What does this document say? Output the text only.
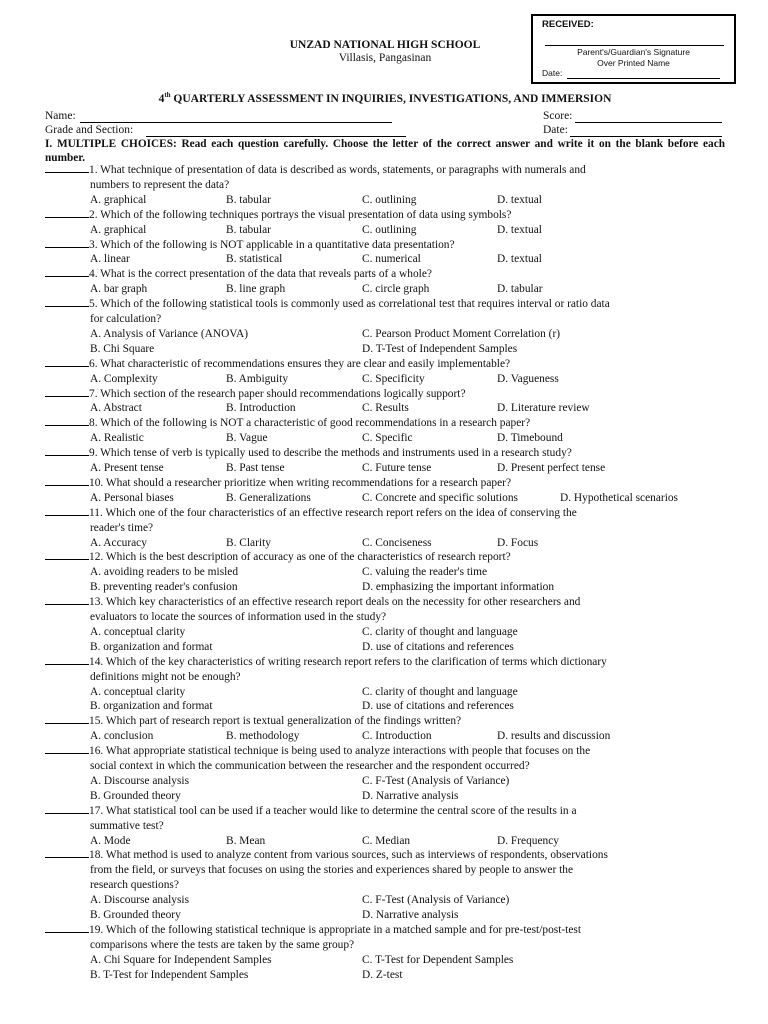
RECEIVED:
Parent's/Guardian's Signature
Over Printed Name
Date:
UNZAD NATIONAL HIGH SCHOOL
Villasis, Pangasinan
4th QUARTERLY ASSESSMENT IN INQUIRIES, INVESTIGATIONS, AND IMMERSION
Name:
Grade and Section:
Score:
Date:
I. MULTIPLE CHOICES: Read each question carefully. Choose the letter of the correct answer and write it on the blank before each number.
1. What technique of presentation of data is described as words, statements, or paragraphs with numerals and
numbers to represent the data?
A. graphical	B. tabular	C. outlining	D. textual
2. Which of the following techniques portrays the visual presentation of data using symbols?
A. graphical	B. tabular	C. outlining	D. textual
3. Which of the following is NOT applicable in a quantitative data presentation?
A. linear	B. statistical	C. numerical	D. textual
4. What is the correct presentation of the data that reveals parts of a whole?
A. bar graph	B. line graph	C. circle graph	D. tabular
5. Which of the following statistical tools is commonly used as correlational test that requires interval or ratio data
for calculation?
A. Analysis of Variance (ANOVA)	C. Pearson Product Moment Correlation (r)
B. Chi Square	D. T-Test of Independent Samples
6. What characteristic of recommendations ensures they are clear and easily implementable?
A. Complexity	B. Ambiguity	C. Specificity	D. Vagueness
7. Which section of the research paper should recommendations logically support?
A. Abstract	B. Introduction	C. Results	D. Literature review
8. Which of the following is NOT a characteristic of good recommendations in a research paper?
A. Realistic	B. Vague	C. Specific	D. Timebound
9. Which tense of verb is typically used to describe the methods and instruments used in a research study?
A. Present tense	B. Past tense	C. Future tense	D. Present perfect tense
10. What should a researcher prioritize when writing recommendations for a research paper?
A. Personal biases	B. Generalizations	C. Concrete and specific solutions	D. Hypothetical scenarios
11. Which one of the four characteristics of an effective research report refers on the idea of conserving the
reader's time?
A. Accuracy	B. Clarity	C. Conciseness	D. Focus
12. Which is the best description of accuracy as one of the characteristics of research report?
A. avoiding readers to be misled	C. valuing the reader's time
B. preventing reader's confusion	D. emphasizing the important information
13. Which key characteristics of an effective research report deals on the necessity for other researchers and
evaluators to locate the sources of information used in the study?
A. conceptual clarity	C. clarity of thought and language
B. organization and format	D. use of citations and references
14. Which of the key characteristics of writing research report refers to the clarification of terms which dictionary
definitions might not be enough?
A. conceptual clarity	C. clarity of thought and language
B. organization and format	D. use of citations and references
15. Which part of research report is textual generalization of the findings written?
A. conclusion	B. methodology	C. Introduction	D. results and discussion
16. What appropriate statistical technique is being used to analyze interactions with people that focuses on the
social context in which the communication between the researcher and the respondent occurred?
A. Discourse analysis	C. F-Test (Analysis of Variance)
B. Grounded theory	D. Narrative analysis
17. What statistical tool can be used if a teacher would like to determine the central score of the results in a
summative test?
A. Mode	B. Mean	C. Median	D. Frequency
18. What method is used to analyze content from various sources, such as interviews of respondents, observations
from the field, or surveys that focuses on using the stories and experiences shared by people to answer the
research questions?
A. Discourse analysis	C. F-Test (Analysis of Variance)
B. Grounded theory	D. Narrative analysis
19. Which of the following statistical technique is appropriate in a matched sample and for pre-test/post-test
comparisons where the tests are taken by the same group?
A. Chi Square for Independent Samples	C. T-Test for Dependent Samples
B. T-Test for Independent Samples	D. Z-test
